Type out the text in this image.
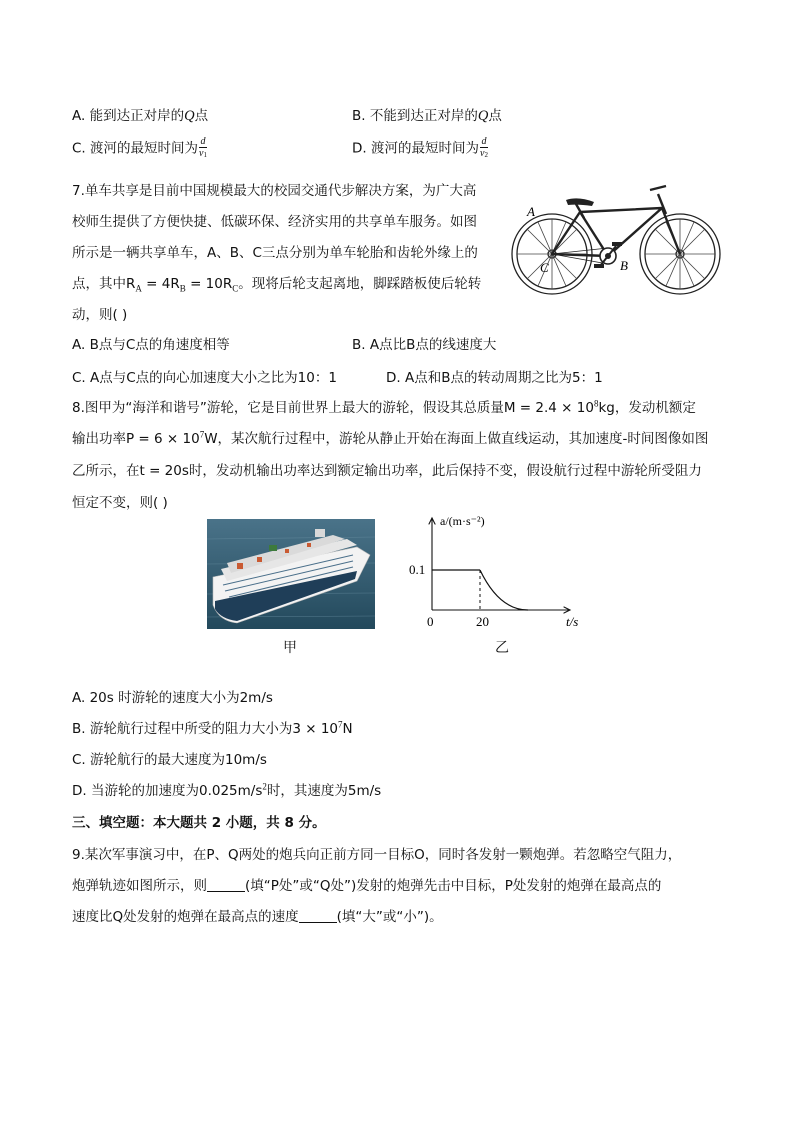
A. 能到达正对岸的Q点	B. 不能到达正对岸的Q点
C. 渡河的最短时间为 $\frac{d}{v_1}$	D. 渡河的最短时间为 $\frac{d}{v_2}$
7.单车共享是目前中国规模最大的校园交通代步解决方案，为广大高
校师生提供了方便快捷、低碳环保、经济实用的共享单车服务。如图
所示是一辆共享单车，A、B、C三点分别为单车轮胎和齿轮外缘上的
点，其中$R_A = 4R_B = 10R_C$。现将后轮支起离地，脚踩踏板使后轮转
动，则( )
A
C	B
A. B点与C点的角速度相等	B. A点比B点的线速度大
C. A点与C点的向心加速度大小之比为10：1	D. A点和B点的转动周期之比为5：1
8.图甲为“海洋和谐号”游轮，它是目前世界上最大的游轮，假设其总质量$M = 2.4 \times 10^8kg$，发动机额定
输出功率$P = 6 \times 10^7W$，某次航行过程中，游轮从静止开始在海面上做直线运动，其加速度-时间图像如图
乙所示，在t = 20s时，发动机输出功率达到额定输出功率，此后保持不变，假设航行过程中游轮所受阻力
恒定不变，则( )
甲
a/(m·s⁻²)
t/s
0.1
0	20
乙
A. 20s 时游轮的速度大小为2m/s
B. 游轮航行过程中所受的阻力大小为$3 \times 10^7N$
C. 游轮航行的最大速度为10m/s
D. 当游轮的加速度为$0.025m/s^2$时，其速度为5m/s
三、填空题：本大题共 2 小题，共 8 分。
9.某次军事演习中，在P、Q两处的炮兵向正前方同一目标O，同时各发射一颗炮弹。若忽略空气阻力，
炮弹轨迹如图所示，则	(填“P处”或“Q处”)发射的炮弹先击中目标，P处发射的炮弹在最高点的
速度比Q处发射的炮弹在最高点的速度	(填“大”或“小”)。
